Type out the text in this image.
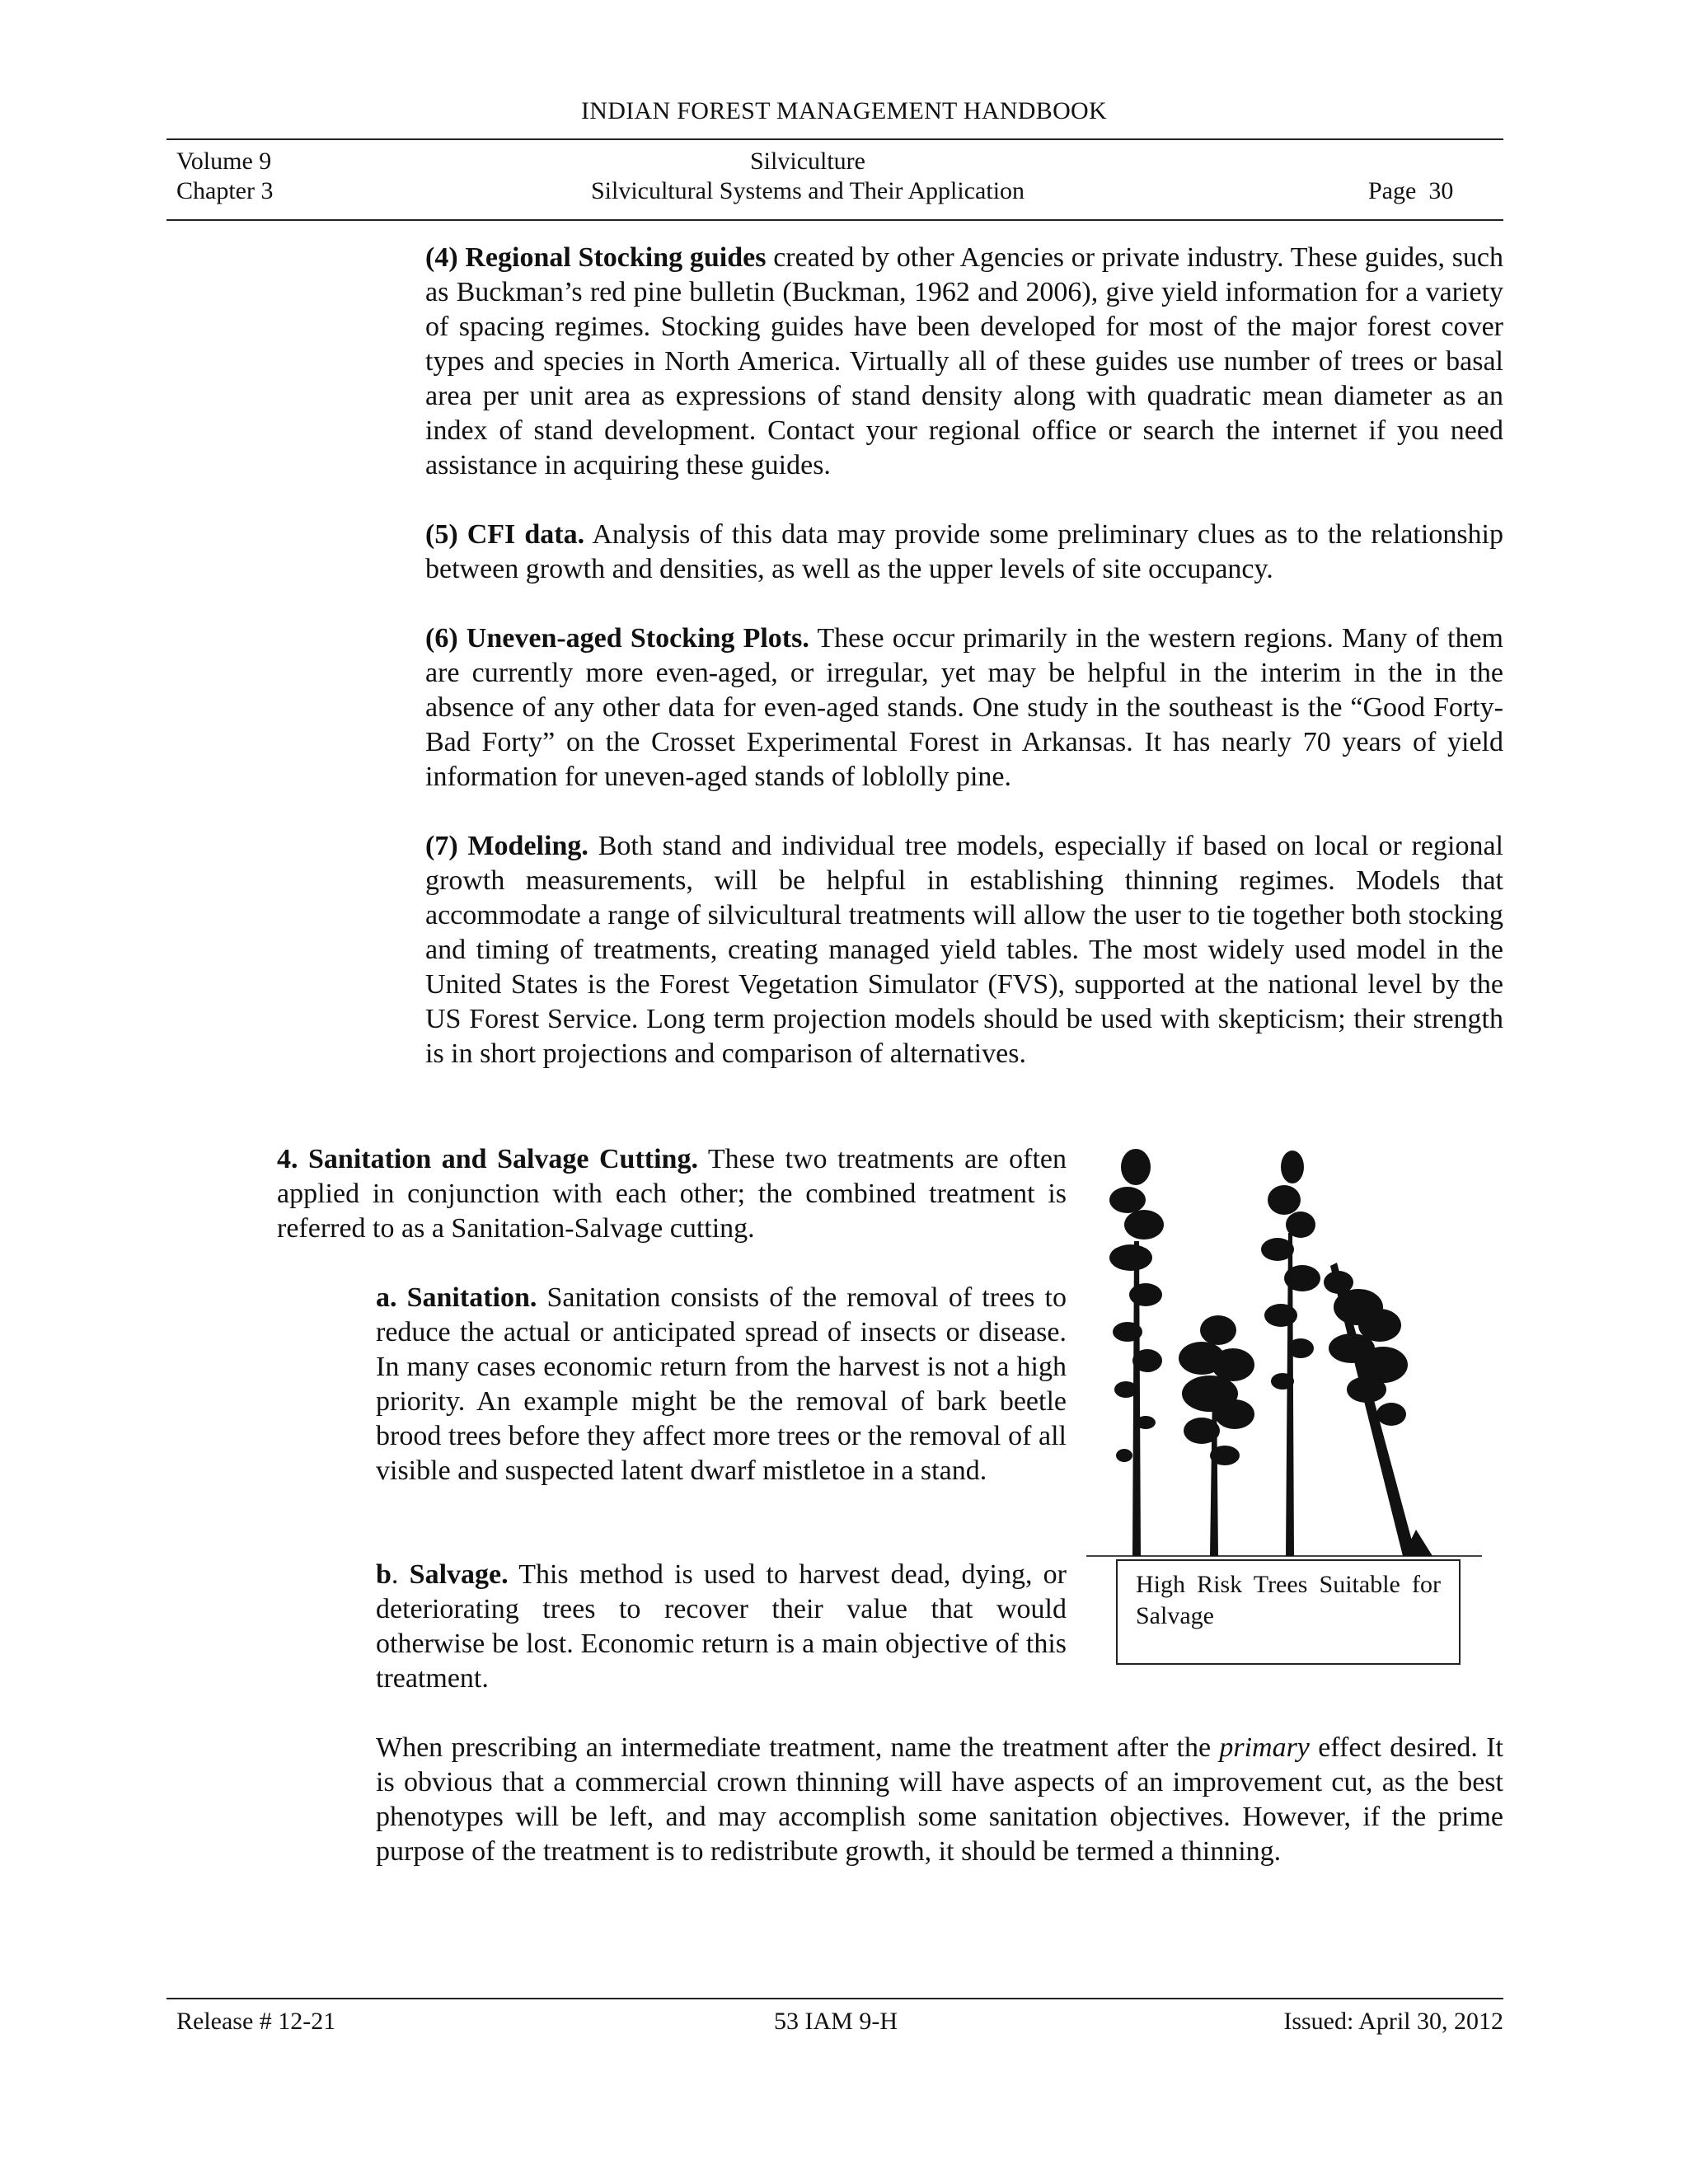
INDIAN FOREST MANAGEMENT HANDBOOK
Volume 9
Chapter 3
Silviculture
Silvicultural Systems and Their Application	Page  30

(4) Regional Stocking guides created by other Agencies or private industry. These guides, such as Buckman’s red pine bulletin (Buckman, 1962 and 2006), give yield information for a variety of spacing regimes. Stocking guides have been developed for most of the major forest cover types and species in North America. Virtually all of these guides use number of trees or basal area per unit area as expressions of stand density along with quadratic mean diameter as an index of stand development. Contact your regional office or search the internet if you need assistance in acquiring these guides.

(5) CFI data. Analysis of this data may provide some preliminary clues as to the relationship between growth and densities, as well as the upper levels of site occupancy.

(6) Uneven-aged Stocking Plots. These occur primarily in the western regions. Many of them are currently more even-aged, or irregular, yet may be helpful in the interim in the in the absence of any other data for even-aged stands. One study in the southeast is the “Good Forty-Bad Forty” on the Crosset Experimental Forest in Arkansas. It has nearly 70 years of yield information for uneven-aged stands of loblolly pine.

(7) Modeling. Both stand and individual tree models, especially if based on local or regional growth measurements, will be helpful in establishing thinning regimes. Models that accommodate a range of silvicultural treatments will allow the user to tie together both stocking and timing of treatments, creating managed yield tables. The most widely used model in the United States is the Forest Vegetation Simulator (FVS), supported at the national level by the US Forest Service. Long term projection models should be used with skepticism; their strength is in short projections and comparison of alternatives.

4. Sanitation and Salvage Cutting. These two treatments are often applied in conjunction with each other; the combined treatment is referred to as a Sanitation-Salvage cutting.

a. Sanitation. Sanitation consists of the removal of trees to reduce the actual or anticipated spread of insects or disease. In many cases economic return from the harvest is not a high priority. An example might be the removal of bark beetle brood trees before they affect more trees or the removal of all visible and suspected latent dwarf mistletoe in a stand.

b. Salvage. This method is used to harvest dead, dying, or deteriorating trees to recover their value that would otherwise be lost. Economic return is a main objective of this treatment.

High Risk Trees Suitable for Salvage

When prescribing an intermediate treatment, name the treatment after the primary effect desired. It is obvious that a commercial crown thinning will have aspects of an improvement cut, as the best phenotypes will be left, and may accomplish some sanitation objectives. However, if the prime purpose of the treatment is to redistribute growth, it should be termed a thinning.

Release # 12-21	53 IAM 9-H	Issued: April 30, 2012
